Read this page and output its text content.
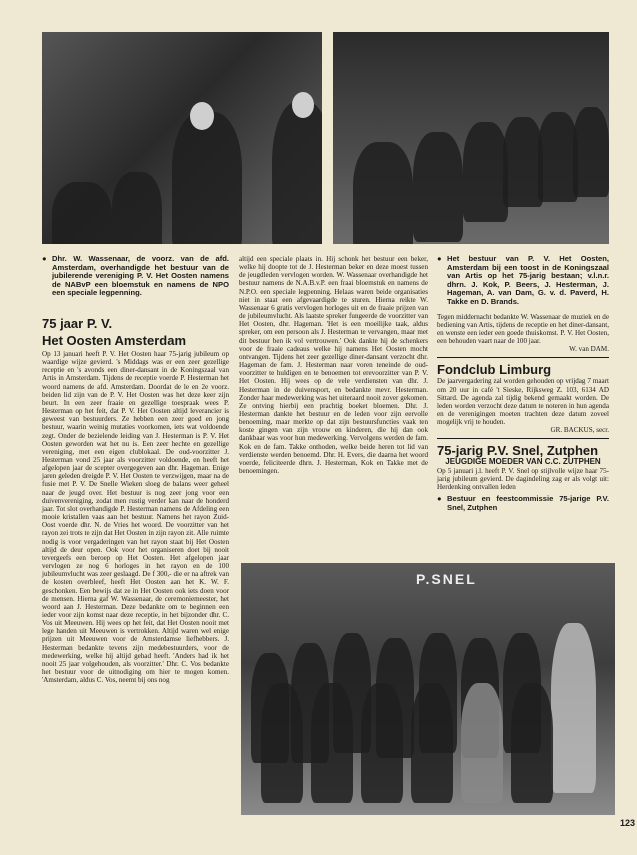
● Dhr. W. Wassenaar, de voorz. van de afd. Amsterdam, overhandigde het bestuur van de jubilerende vereniging P. V. Het Oosten namens de NABvP een bloemstuk en namens de NPO een speciale legpenning.
75 jaar P. V.
Het Oosten Amsterdam

Op 13 januari heeft P. V. Het Oosten haar 75-jarig jubileum op waardige wijze gevierd. 's Middags was er een zeer gezellige receptie en 's avonds een diner-dansant in de Koningszaal van Artis in Amsterdam. Tijdens de receptie voerde P. Hesterman het woord namens de afd. Amsterdam. Doordat de le en 2e voorz. beiden lid zijn van de P. V. Het Oosten was het deze keer zijn beurt. In een zeer fraaie en gezellige toespraak wees P. Hesterman op het feit, dat P. V. Het Oosten altijd leverancier is geweest van bestuurders. Ze hebben een zeer goed en jong bestuur, waarin weinig mutaties voorkomen, iets wat voldoende zegt. Onder de bezielende leiding van J. Hesterman is P. V. Het Oosten geworden wat het nu is. Een zeer hechte en gezellige vereniging, met een eigen clublokaal. De oud-voorzitter J. Hesterman vond 25 jaar als voorzitter voldoende, en heeft het afgelopen jaar de scepter overgegeven aan dhr. Hageman. Enige jaren geleden dreigde P. V. Het Oosten te verzwijgen, maar na de fusie met P. V. De Snelle Wieken sloeg de balans weer geheel naar de jeugd over. Het bestuur is nog zeer jong voor een duivenvereniging, zodat men rustig verder kan naar de honderd jaar. Tot slot overhandigde P. Hesterman namens de Afdeling een mooie kristallen vaas aan het bestuur. Namens het rayon Zuid-Oost voerde dhr. N. de Vries het woord. De voorzitter van het rayon zei trots te zijn dat Het Oosten in zijn rayon zit. Alle ruimte nodig is voor vergaderingen van het rayon staat bij Het Oosten altijd de deur open. Ook voor het organiseren doet bij nooit tevergeefs een beroep op Het Oosten. Het afgelopen jaar vervlogen ze nog 6 horloges in het rayon en de 100 jubileumvlucht was zeer geslaagd. De f 300,- die er na aftrek van de kosten overbleef, heeft Het Oosten aan het K. W. F. geschonken. Een bewijs dat ze in Het Oosten ook iets doen voor de mensen. Hierna gaf W. Wassenaar, de ceremoniemeester, het woord aan J. Hesterman. Deze bedankte om te beginnen een ieder voor zijn komst naar deze receptie, in het bijzonder dhr. C. Vos uit Meeuwen. Hij wees op het feit, dat Het Oosten nooit met lege handen uit Meeuwen is vertrokken. Altijd waren wel enige prijzen uit Meeuwen voor de Amsterdamse liefhebbers. J. Hesterman bedankte tevens zijn medebestuurders, voor de medewerking, welke hij altijd gehad heeft. 'Anders had ik het nooit 25 jaar volgehouden, als voorzitter.' Dhr. C. Vos bedankte het bestuur voor de uitnodiging om hier te mogen komen. 'Amsterdam, aldus C. Vos, neemt bij ons nog

altijd een speciale plaats in. Hij schonk het bestuur een beker, welke hij doopte tot de J. Hesterman beker en deze moest tussen de jeugdleden vervlogen worden. W. Wassenaar overhandigde het bestuur namens de N.A.B.v.P. een fraai bloemstuk en namens de N.P.O. een speciale legpenning. Helaas waren beide organisaties niet in staat een afgevaardigde te sturen. Hierna reikte W. Wassenaar 6 gratis vervlogen horloges uit en de fraaie prijzen van de jubileumvlucht. Als laatste spreker fungeerde de voorzitter van Het Oosten, dhr. Hageman. 'Het is een moeilijke taak, aldus spreker, om een persoon als J. Hesterman te vervangen, maar met dit bestuur ben ik vol vertrouwen.' Ook dankte hij de schenkers voor de fraaie cadeaus welke hij namens Het Oosten mocht ontvangen. Tijdens het zeer gezellige diner-dansant verzocht dhr. Hageman de fam. J. Hesterman naar voren teneinde de oud-voorzitter te huldigen en te benoemen tot erevoorzitter van P. V. Het Oosten. Hij wees op de vele verdiensten van dhr. J. Hesterman in de duivensport, en bedankte mevr. Hesterman. Zonder haar medewerking was het uiteraard nooit zover gekomen. Ze ontving hierbij een prachtig boeket bloemen. Dhr. J. Hesterman dankte het bestuur en de leden voor zijn eervolle benoeming, maar merkte op dat zijn bestuursfuncties vaak ten koste gingen van zijn vrouw en kinderen, die hij dan ook dankbaar was voor hun medewerking. Vervolgens werden de fam. Kok en de fam. Takke onthoden, welke beide heren tot lid van verdienste werden benoemd. Dhr. H. Evers, die daarna het woord voerde, feliciteerde dhrn. J. Hesterman, Kok en Takke met de benoemingen.

● Het bestuur van P. V. Het Oosten, Amsterdam bij een toost in de Koningszaal van Artis op het 75-jarig bestaan; v.l.n.r. dhrn. J. Kok, P. Beers, J. Hesterman, J. Hageman, A. van Dam, G. v. d. Paverd, H. Takke en D. Brands.

Tegen middernacht bedankte W. Wassenaar de muziek en de bediening van Artis, tijdens de receptie en het diner-dansant, en wenste een ieder een goede thuiskomst. P. V. Het Oosten, een behouden vaart naar de 100 jaar.

W. van DAM.

Fondclub Limburg

De jaarvergadering zal worden gehouden op vrijdag 7 maart om 20 uur in café 't Sieske, Rijksweg Z. 103, 6134 AD Sittard. De agenda zal tijdig bekend gemaakt worden. De leden worden verzocht deze datum te noteren in hun agenda en de verenigingen moeten trachten deze datum zoveel mogelijk vrij te houden.

GR. BACKUS, secr.

75-jarig P.V. Snel, Zutphen
JEUGDIGE MOEDER VAN C.C. ZUTPHEN

Op 5 januari j.l. heeft P. V. Snel op stijlvolle wijze haar 75-jarig jubileum gevierd. De dagindeling zag er als volgt uit: Herdenking ontvallen leden

● Bestuur en feestcommissie 75-jarige P.V. Snel, Zutphen
P.SNEL
123
